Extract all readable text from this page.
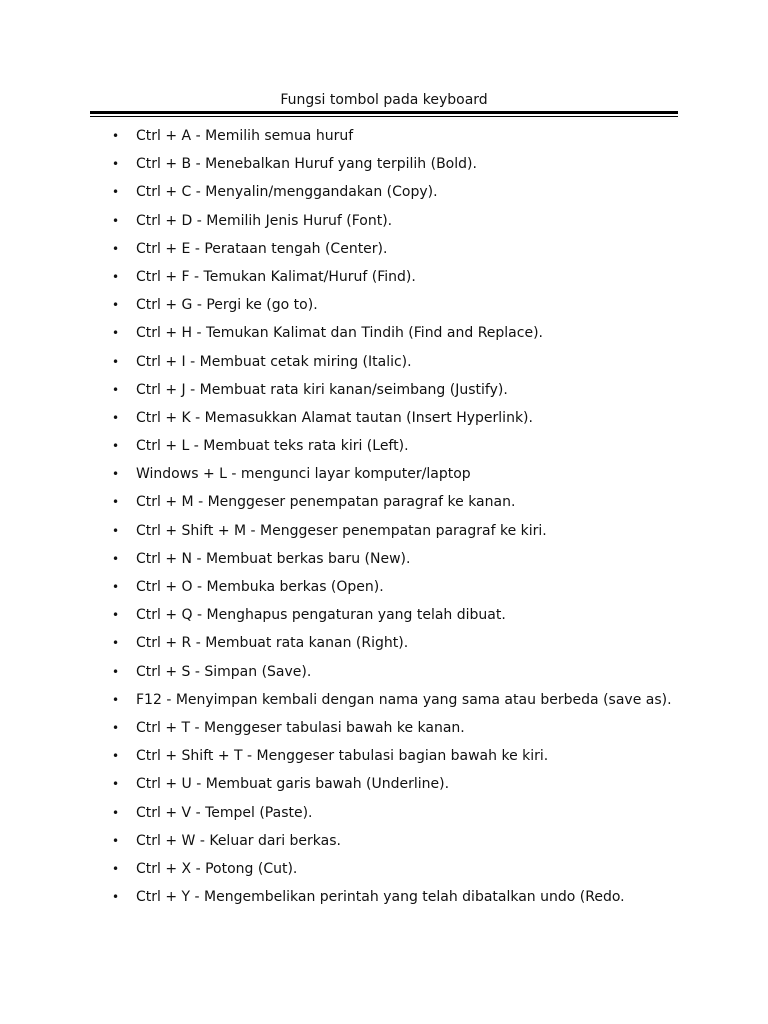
Fungsi tombol pada keyboard
• Ctrl + A - Memilih semua huruf
• Ctrl + B - Menebalkan Huruf yang terpilih (Bold).
• Ctrl + C - Menyalin/menggandakan (Copy).
• Ctrl + D - Memilih Jenis Huruf (Font).
• Ctrl + E - Perataan tengah (Center).
• Ctrl + F - Temukan Kalimat/Huruf (Find).
• Ctrl + G - Pergi ke (go to).
• Ctrl + H - Temukan Kalimat dan Tindih (Find and Replace).
• Ctrl + I - Membuat cetak miring (Italic).
• Ctrl + J - Membuat rata kiri kanan/seimbang (Justify).
• Ctrl + K - Memasukkan Alamat tautan (Insert Hyperlink).
• Ctrl + L - Membuat teks rata kiri (Left).
• Windows + L - mengunci layar komputer/laptop
• Ctrl + M - Menggeser penempatan paragraf ke kanan.
• Ctrl + Shift + M - Menggeser penempatan paragraf ke kiri.
• Ctrl + N - Membuat berkas baru (New).
• Ctrl + O - Membuka berkas (Open).
• Ctrl + Q - Menghapus pengaturan yang telah dibuat.
• Ctrl + R - Membuat rata kanan (Right).
• Ctrl + S - Simpan (Save).
• F12 - Menyimpan kembali dengan nama yang sama atau berbeda (save as).
• Ctrl + T - Menggeser tabulasi bawah ke kanan.
• Ctrl + Shift + T - Menggeser tabulasi bagian bawah ke kiri.
• Ctrl + U - Membuat garis bawah (Underline).
• Ctrl + V - Tempel (Paste).
• Ctrl + W - Keluar dari berkas.
• Ctrl + X - Potong (Cut).
• Ctrl + Y - Mengembelikan perintah yang telah dibatalkan undo (Redo.
